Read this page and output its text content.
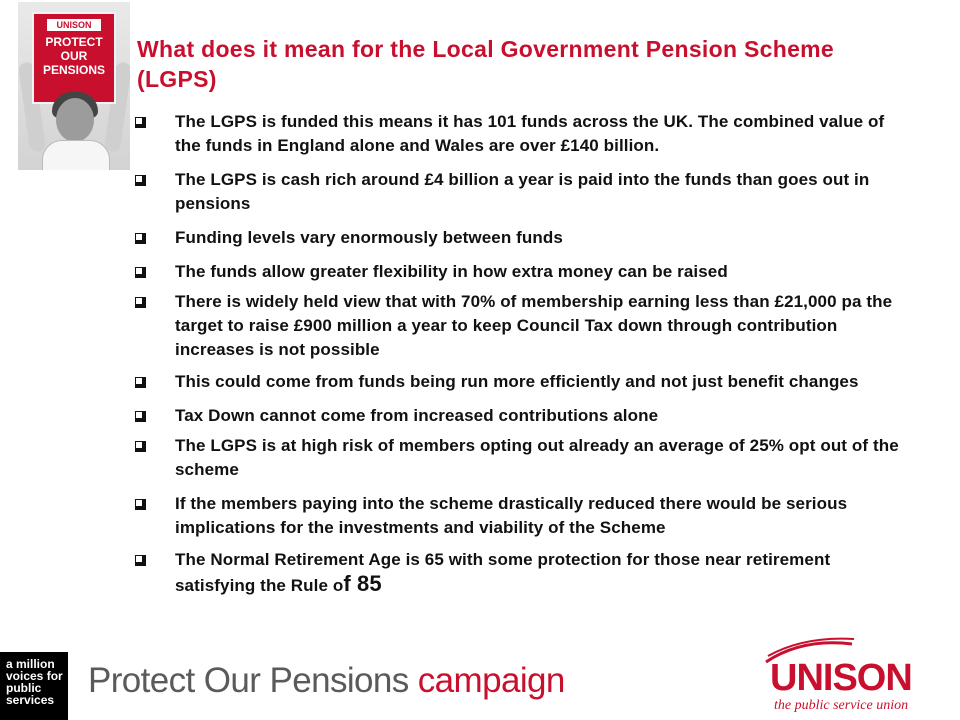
UNISON
PROTECT OUR PENSIONS
What does it mean for the Local Government Pension Scheme (LGPS)
The LGPS is funded this means it has 101 funds across the UK. The combined value of the funds in England alone and Wales are over £140 billion.
The LGPS is cash rich around £4 billion a year is paid into the funds than goes out in pensions
Funding levels vary enormously between funds
The funds allow greater flexibility in how extra money can be raised
There is widely held view that with 70% of membership earning less than £21,000 pa the target to raise £900 million a year to keep Council Tax down through contribution increases is not possible
This could come from funds being run more efficiently and not just benefit changes
Tax Down cannot come from increased contributions alone
The LGPS is at high risk of members opting out already an average of 25% opt out of the scheme
If the members paying into the scheme drastically reduced there would be serious implications for the investments and viability of the Scheme
The Normal Retirement Age is 65 with some protection for those near retirement satisfying the Rule of 85
a million voices for public services Protect Our Pensions campaign	UNISON
the public service union
